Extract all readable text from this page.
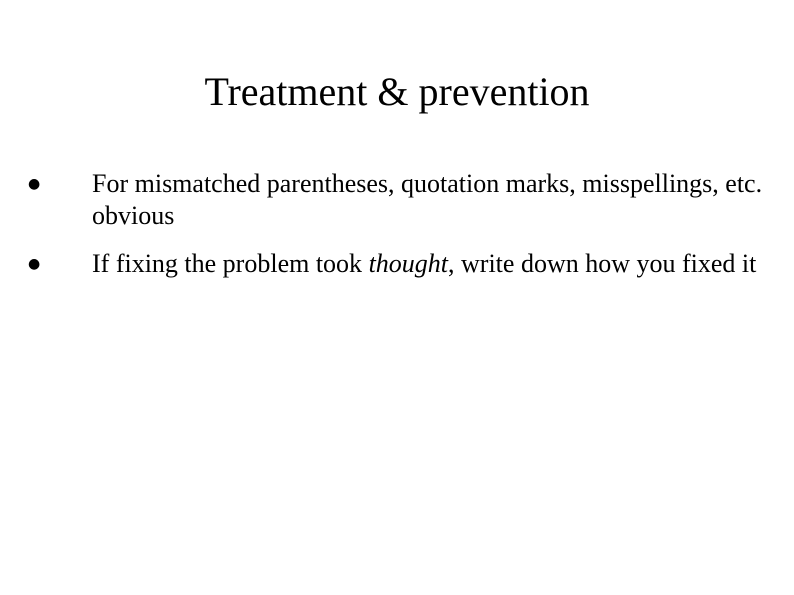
Treatment & prevention
● For mismatched parentheses, quotation marks, misspellings, etc. obvious
● If fixing the problem took thought, write down how you fixed it
